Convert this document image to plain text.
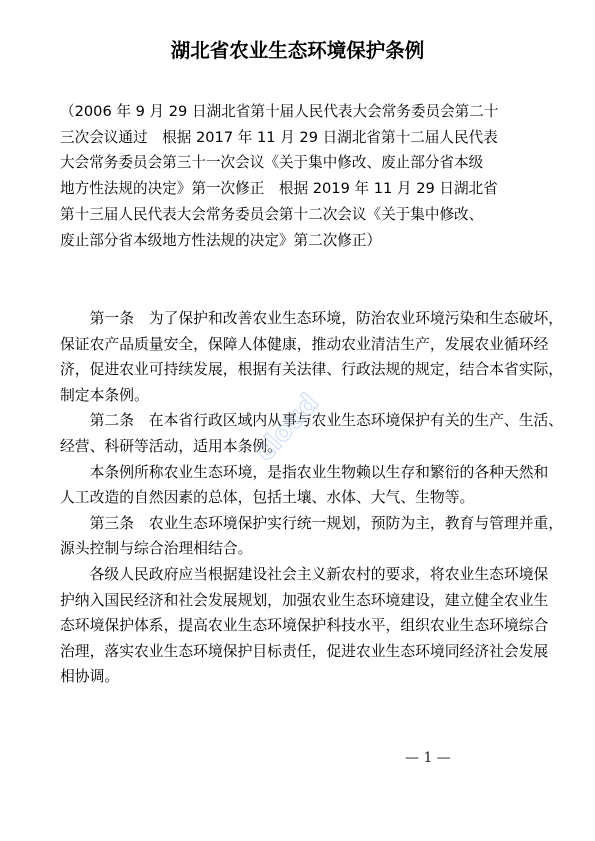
湖北省农业生态环境保护条例
（2006 年 9 月 29 日湖北省第十届人民代表大会常务委员会第二十
三次会议通过　根据 2017 年 11 月 29 日湖北省第十二届人民代表
大会常务委员会第三十一次会议《关于集中修改、废止部分省本级
地方性法规的决定》第一次修正　根据 2019 年 11 月 29 日湖北省
第十三届人民代表大会常务委员会第十二次会议《关于集中修改、
废止部分省本级地方性法规的决定》第二次修正）
　　第一条　为了保护和改善农业生态环境，防治农业环境污染和生态破坏，
保证农产品质量安全，保障人体健康，推动农业清洁生产，发展农业循环经
济，促进农业可持续发展，根据有关法律、行政法规的规定，结合本省实际，
制定本条例。
　　第二条　在本省行政区域内从事与农业生态环境保护有关的生产、生活、
经营、科研等活动，适用本条例。
　　本条例所称农业生态环境，是指农业生物赖以生存和繁衍的各种天然和
人工改造的自然因素的总体，包括土壤、水体、大气、生物等。
　　第三条　农业生态环境保护实行统一规划，预防为主，教育与管理并重，
源头控制与综合治理相结合。
　　各级人民政府应当根据建设社会主义新农村的要求，将农业生态环境保
护纳入国民经济和社会发展规划，加强农业生态环境建设，建立健全农业生
态环境保护体系，提高农业生态环境保护科技水平，组织农业生态环境综合
治理，落实农业生态环境保护目标责任，促进农业生态环境同经济社会发展
相协调。
cloud
— 1 —
